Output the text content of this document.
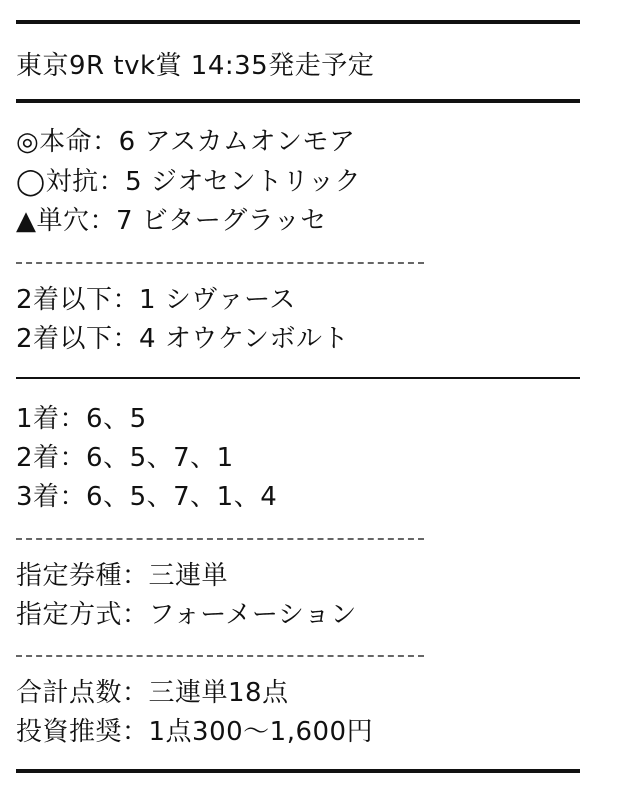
東京9R tvk賞 14:35発走予定
◎本命：6 アスカムオンモア
◯対抗：5 ジオセントリック
▲単穴：7 ビターグラッセ
2着以下：1 シヴァース
2着以下：4 オウケンボルト
1着：6、5
2着：6、5、7、1
3着：6、5、7、1、4
指定券種：三連単
指定方式：フォーメーション
合計点数：三連単18点
投資推奨：1点300〜1,600円
